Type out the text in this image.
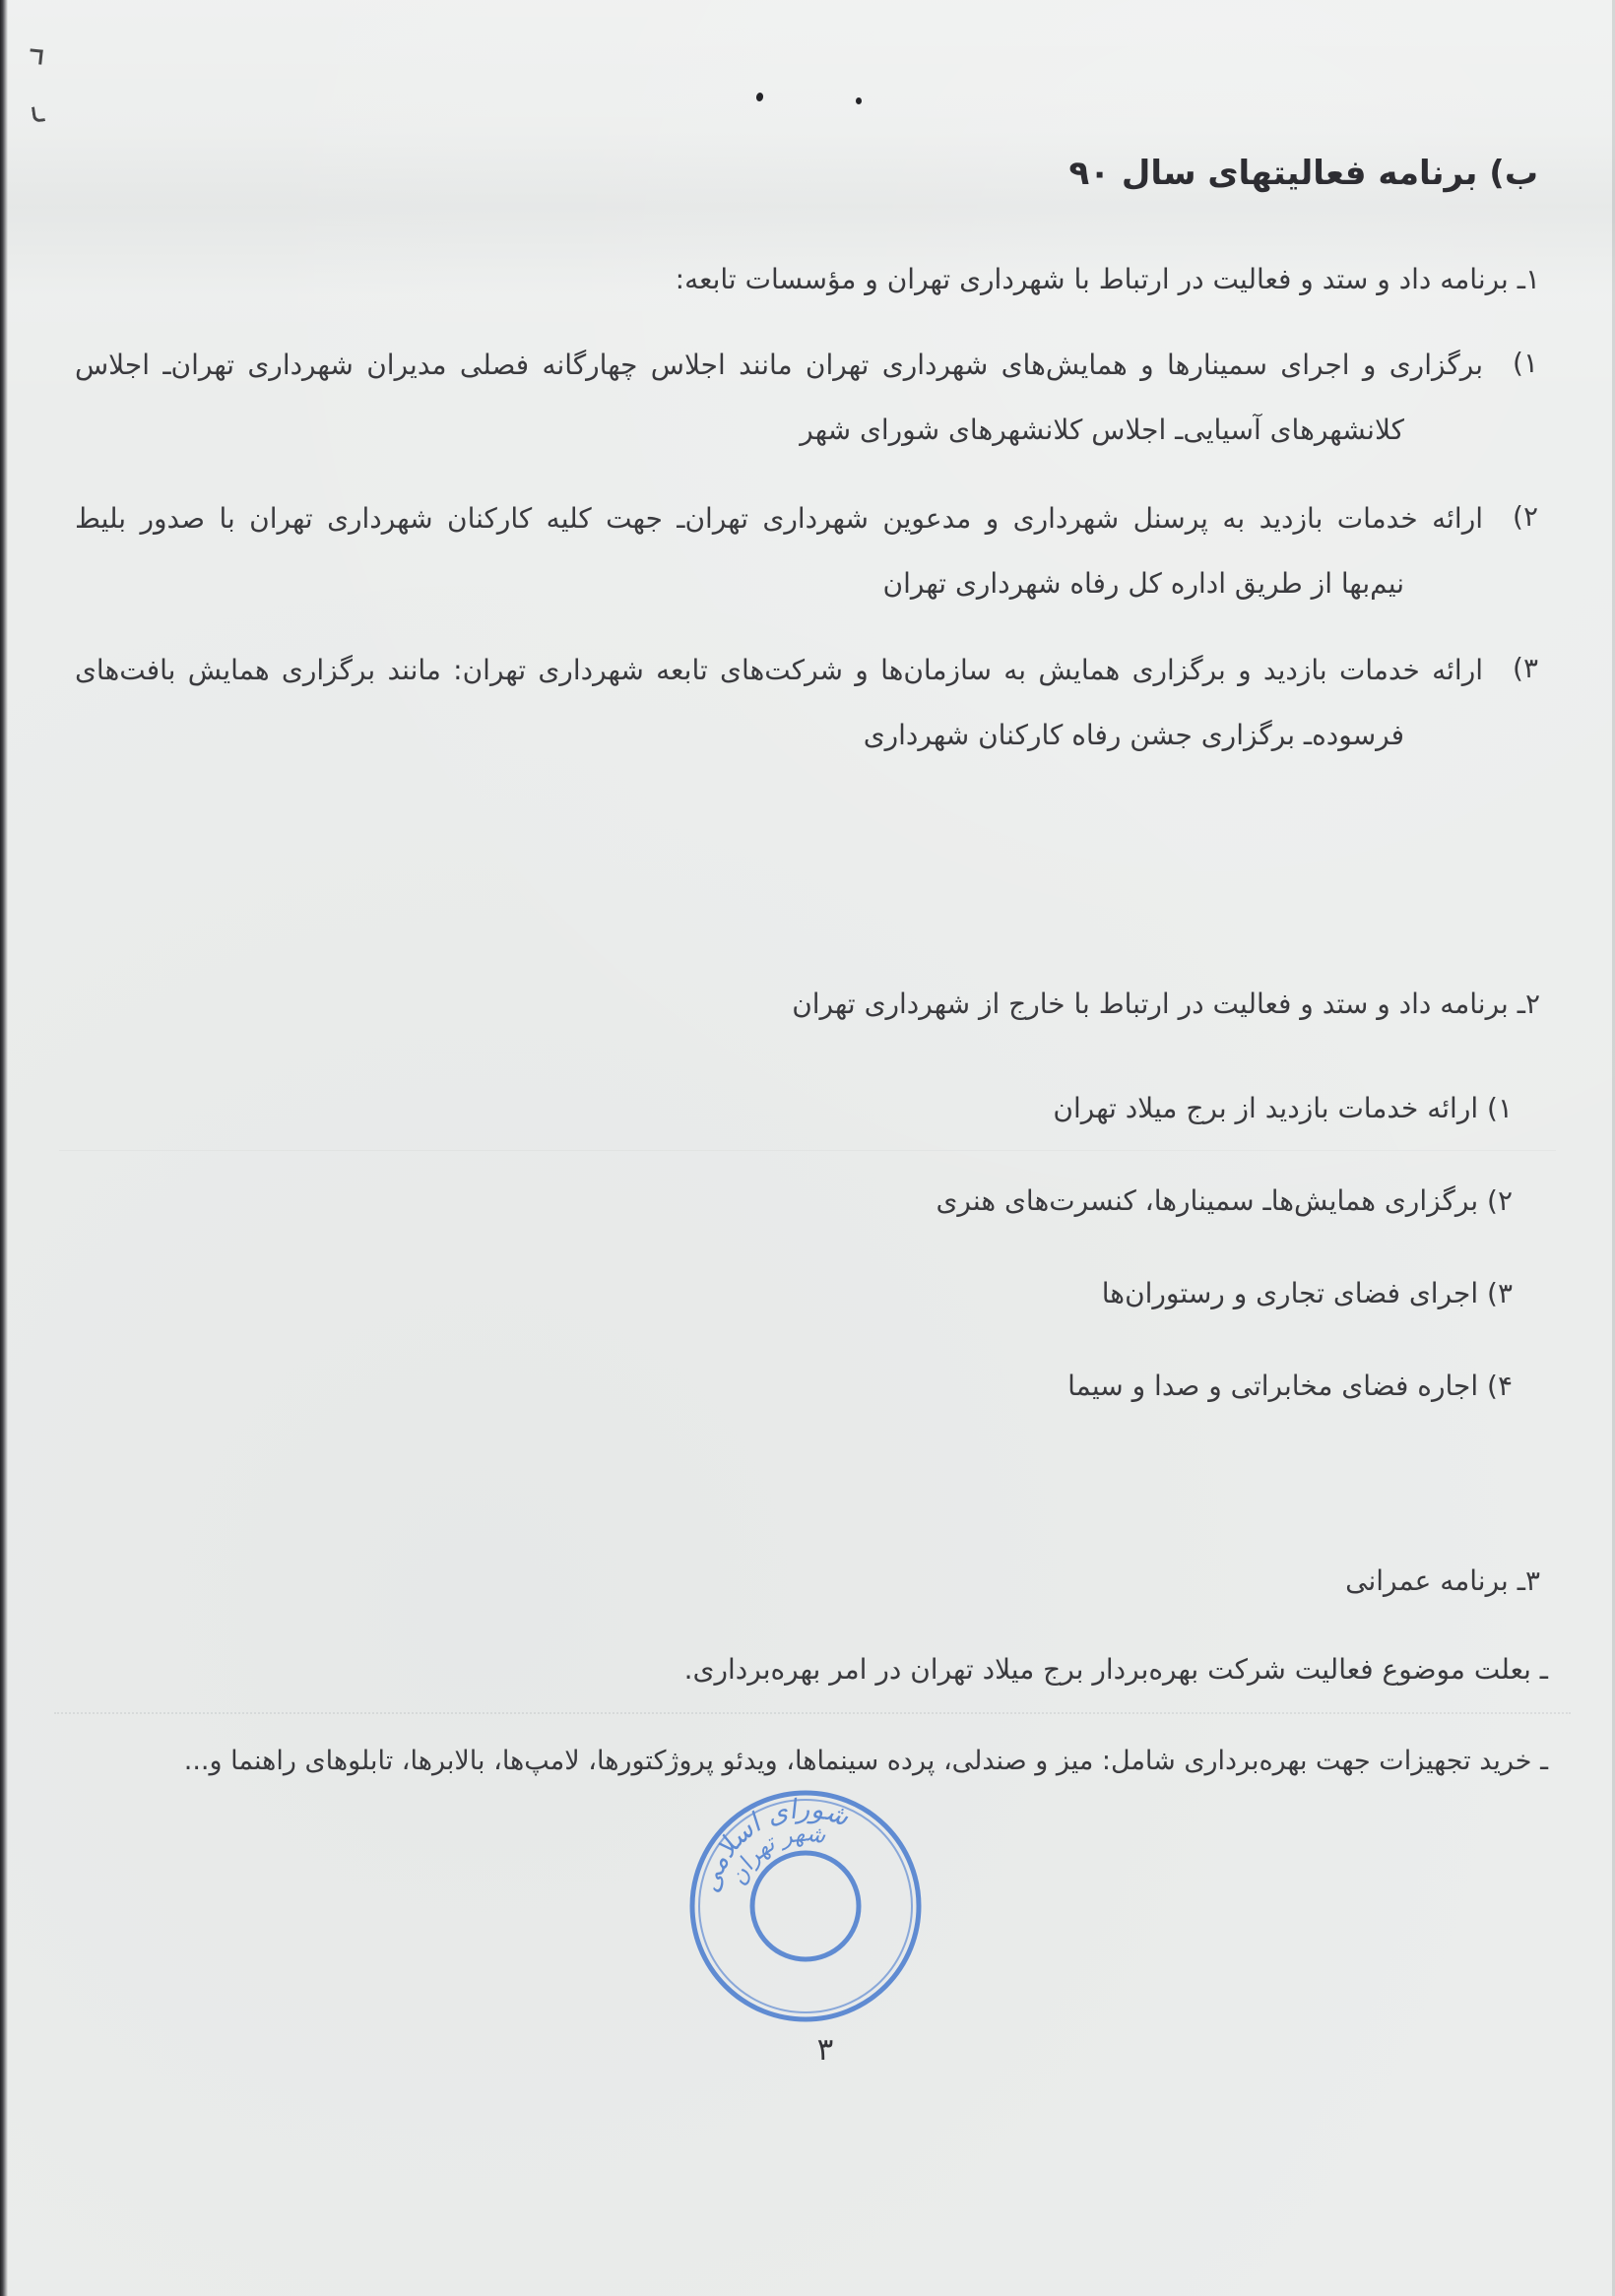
ب) برنامه فعالیتهای سال ۹۰
۱ـ برنامه داد و ستد و فعالیت در ارتباط با شهرداری تهران و مؤسسات تابعه:
۱)
برگزاری و اجرای سمینارها و همایش‌های شهرداری تهران مانند اجلاس چهارگانه فصلی مدیران شهرداری تهران‌ـ اجلاس
کلانشهرهای آسیایی‌ـ اجلاس کلانشهرهای شورای شهر
۲)
ارائه خدمات بازدید به پرسنل شهرداری و مدعوین شهرداری تهران‌ـ جهت کلیه کارکنان شهرداری تهران با صدور بلیط
نیم‌بها از طریق اداره کل رفاه شهرداری تهران
۳)
ارائه خدمات بازدید و برگزاری همایش به سازمان‌ها و شرکت‌های تابعه شهرداری تهران: مانند برگزاری همایش بافت‌های
فرسوده‌ـ برگزاری جشن رفاه کارکنان شهرداری
۲ـ برنامه داد و ستد و فعالیت در ارتباط با خارج از شهرداری تهران
۱) ارائه خدمات بازدید از برج میلاد تهران
۲) برگزاری همایش‌ها‌ـ سمینارها، کنسرت‌های هنری
۳) اجرای فضای تجاری و رستوران‌ها
۴) اجاره فضای مخابراتی و صدا و سیما
۳ـ برنامه عمرانی
ـ بعلت موضوع فعالیت شرکت بهره‌بردار برج میلاد تهران در امر بهره‌برداری.
ـ خرید تجهیزات جهت بهره‌برداری شامل: میز و صندلی، پرده سینماها، ویدئو پروژکتورها، لامپ‌ها، بالابرها، تابلوهای راهنما و...
شورای اسلامی
شهر تهران
۳
